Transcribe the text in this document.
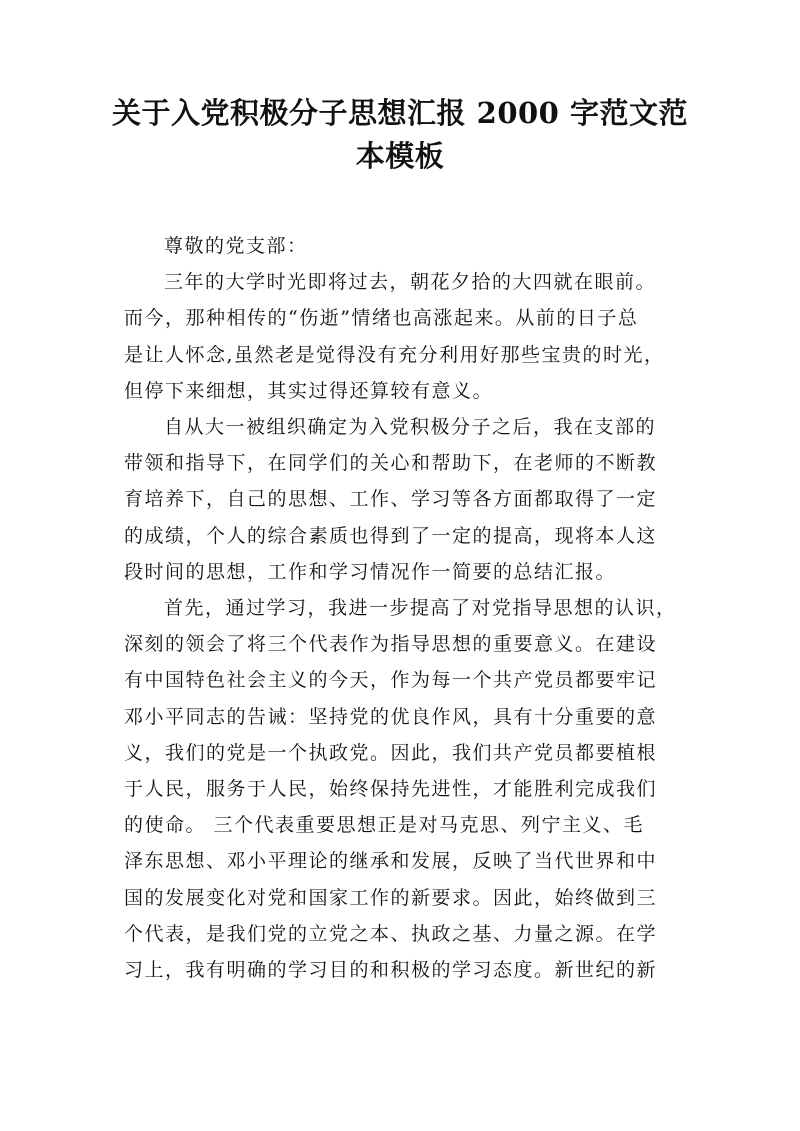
关于入党积极分子思想汇报 2000 字范文范
本模板

尊敬的党支部：

三年的大学时光即将过去，朝花夕拾的大四就在眼前。
而今，那种相传的“伤逝”情绪也高涨起来。从前的日子总
是让人怀念,虽然老是觉得没有充分利用好那些宝贵的时光，
但停下来细想，其实过得还算较有意义。

自从大一被组织确定为入党积极分子之后，我在支部的
带领和指导下，在同学们的关心和帮助下，在老师的不断教
育培养下，自己的思想、工作、学习等各方面都取得了一定
的成绩，个人的综合素质也得到了一定的提高，现将本人这
段时间的思想，工作和学习情况作一简要的总结汇报。

首先，通过学习，我进一步提高了对党指导思想的认识，
深刻的领会了将三个代表作为指导思想的重要意义。在建设
有中国特色社会主义的今天，作为每一个共产党员都要牢记
邓小平同志的告诫：坚持党的优良作风，具有十分重要的意
义，我们的党是一个执政党。因此，我们共产党员都要植根
于人民，服务于人民，始终保持先进性，才能胜利完成我们
的使命。 三个代表重要思想正是对马克思、列宁主义、毛
泽东思想、邓小平理论的继承和发展，反映了当代世界和中
国的发展变化对党和国家工作的新要求。因此，始终做到三
个代表，是我们党的立党之本、执政之基、力量之源。在学
习上，我有明确的学习目的和积极的学习态度。新世纪的新
